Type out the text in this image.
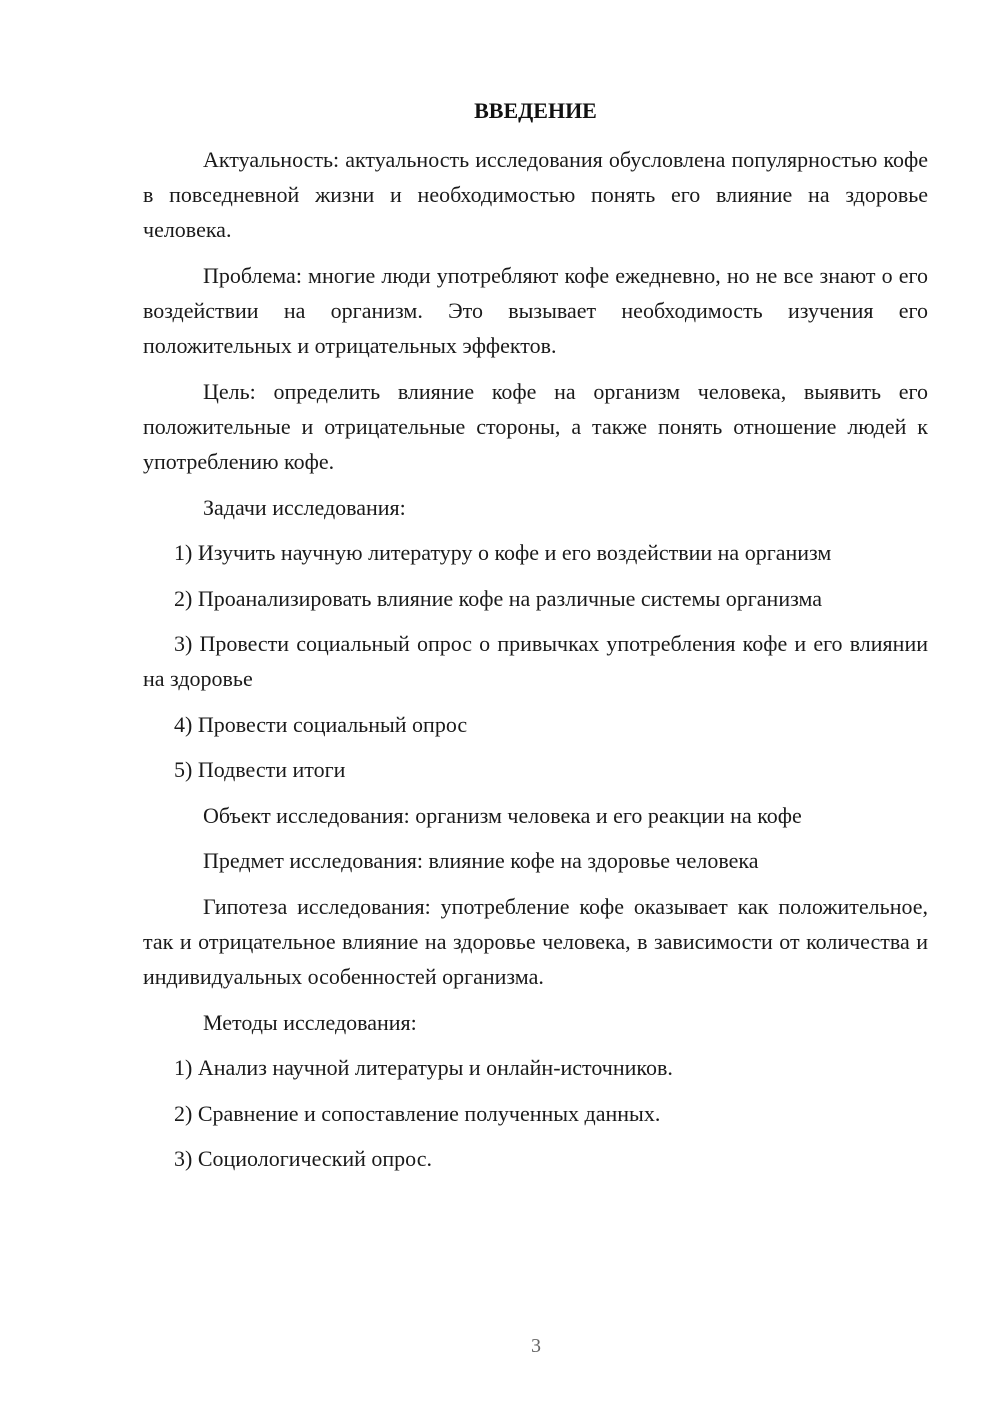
ВВЕДЕНИЕ

Актуальность: актуальность исследования обусловлена популярностью кофе в повседневной жизни и необходимостью понять его влияние на здоровье человека.

Проблема: многие люди употребляют кофе ежедневно, но не все знают о его воздействии на организм. Это вызывает необходимость изучения его положительных и отрицательных эффектов.

Цель: определить влияние кофе на организм человека, выявить его положительные и отрицательные стороны, а также понять отношение людей к употреблению кофе.

Задачи исследования:

1) Изучить научную литературу о кофе и его воздействии на организм

2) Проанализировать влияние кофе на различные системы организма

3) Провести социальный опрос о привычках употребления кофе и его влиянии на здоровье

4) Провести социальный опрос

5) Подвести итоги

Объект исследования: организм человека и его реакции на кофе

Предмет исследования: влияние кофе на здоровье человека

Гипотеза исследования: употребление кофе оказывает как положительное, так и отрицательное влияние на здоровье человека, в зависимости от количества и индивидуальных особенностей организма.

Методы исследования:

1) Анализ научной литературы и онлайн-источников.

2) Сравнение и сопоставление полученных данных.

3) Социологический опрос.

3
